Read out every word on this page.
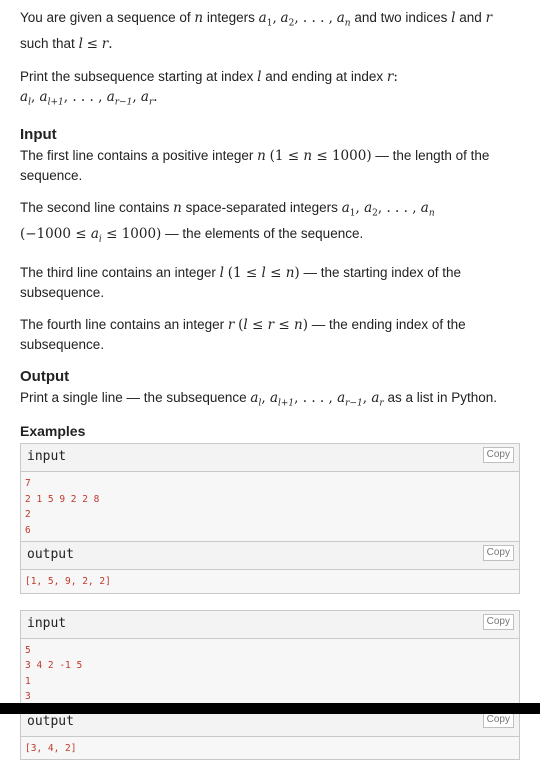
You are given a sequence of n integers $a_1$, $a_2$, . . . , $a_n$ and two indices l and r
such that l ≤ r.

Print the subsequence starting at index l and ending at index r:
$a_l$, $a_{l+1}$, . . . , $a_{r-1}$, $a_r$.

Input

The first line contains a positive integer n (1 ≤ n ≤ 1000) — the length of the sequence.

The second line contains n space-separated integers $a_1$, $a_2$, . . . , $a_n$
$(-1000 \le a_i \le 1000)$ — the elements of the sequence.

The third line contains an integer l (1 ≤ l ≤ n) — the starting index of the subsequence.

The fourth line contains an integer r (l ≤ r ≤ n) — the ending index of the subsequence.

Output

Print a single line — the subsequence $a_l$, $a_{l+1}$, . . . , $a_{r-1}$, $a_r$ as a list in Python.

Examples
input	Copy
7
2 1 5 9 2 2 8
2
6
output	Copy
[1, 5, 9, 2, 2]
input	Copy
5
3 4 2 -1 5
1
3
output	Copy
[3, 4, 2]
